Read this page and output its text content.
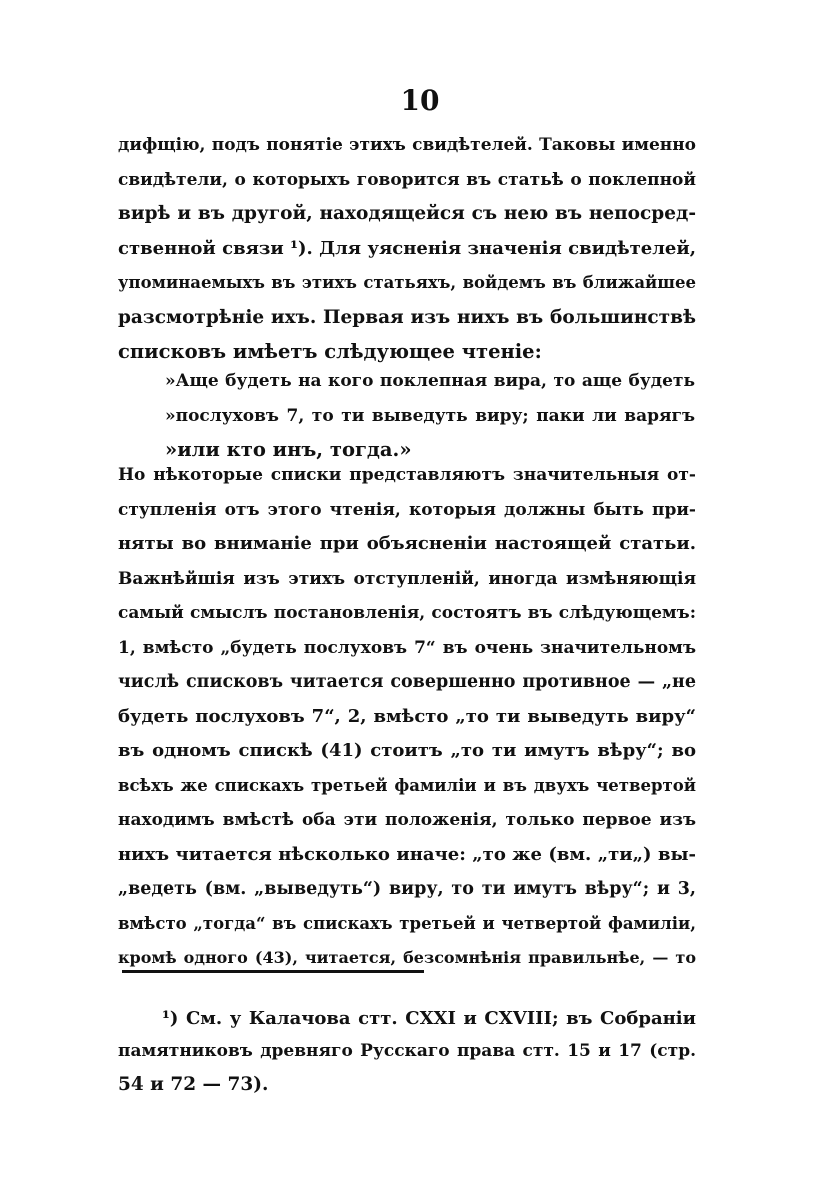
10
дифщію, подъ понятіе этихъ свидѣтелей. Таковы именно
свидѣтели, о которыхъ говорится въ статьѣ о поклепной
вирѣ и въ другой, находящейся съ нею въ непосред-
ственной связи ¹). Для уясненія значенія свидѣтелей,
упоминаемыхъ въ этихъ статьяхъ, войдемъ въ ближайшее
разсмотрѣніе ихъ. Первая изъ нихъ въ большинствѣ
списковъ имѣетъ слѣдующее чтеніе:
»Аще будеть на кого поклепная вира, то аще будеть
»послуховъ 7, то ти выведуть виру; паки ли варягъ
»или кто инъ, тогда.»
Но нѣкоторые списки представляютъ значительныя от-
ступленія отъ этого чтенія, которыя должны быть при-
няты во вниманіе при объясненіи настоящей статьи.
Важнѣйшія изъ этихъ отступленій, иногда измѣняющія
самый смыслъ постановленія, состоятъ въ слѣдующемъ:
1, вмѣсто „будеть послуховъ 7“ въ очень значительномъ
числѣ списковъ читается совершенно противное — „не
будеть послуховъ 7“, 2, вмѣсто „то ти выведуть виру“
въ одномъ спискѣ (41) стоитъ „то ти имутъ вѣру“; во
всѣхъ же спискахъ третьей фамиліи и въ двухъ четвертой
находимъ вмѣстѣ оба эти положенія, только первое изъ
нихъ читается нѣсколько иначе: „то же (вм. „ти„) вы-
„ведеть (вм. „выведуть“) виру, то ти имутъ вѣру“; и 3,
вмѣсто „тогда“ въ спискахъ третьей и четвертой фамиліи,
кромѣ одного (43), читается, безсомнѣнія правильнѣе, — то
¹) См. у Калачова стт. CXXI и CXVIII; въ Собраніи
памятниковъ древняго Русскаго права стт. 15 и 17 (стр.
54 и 72 — 73).
